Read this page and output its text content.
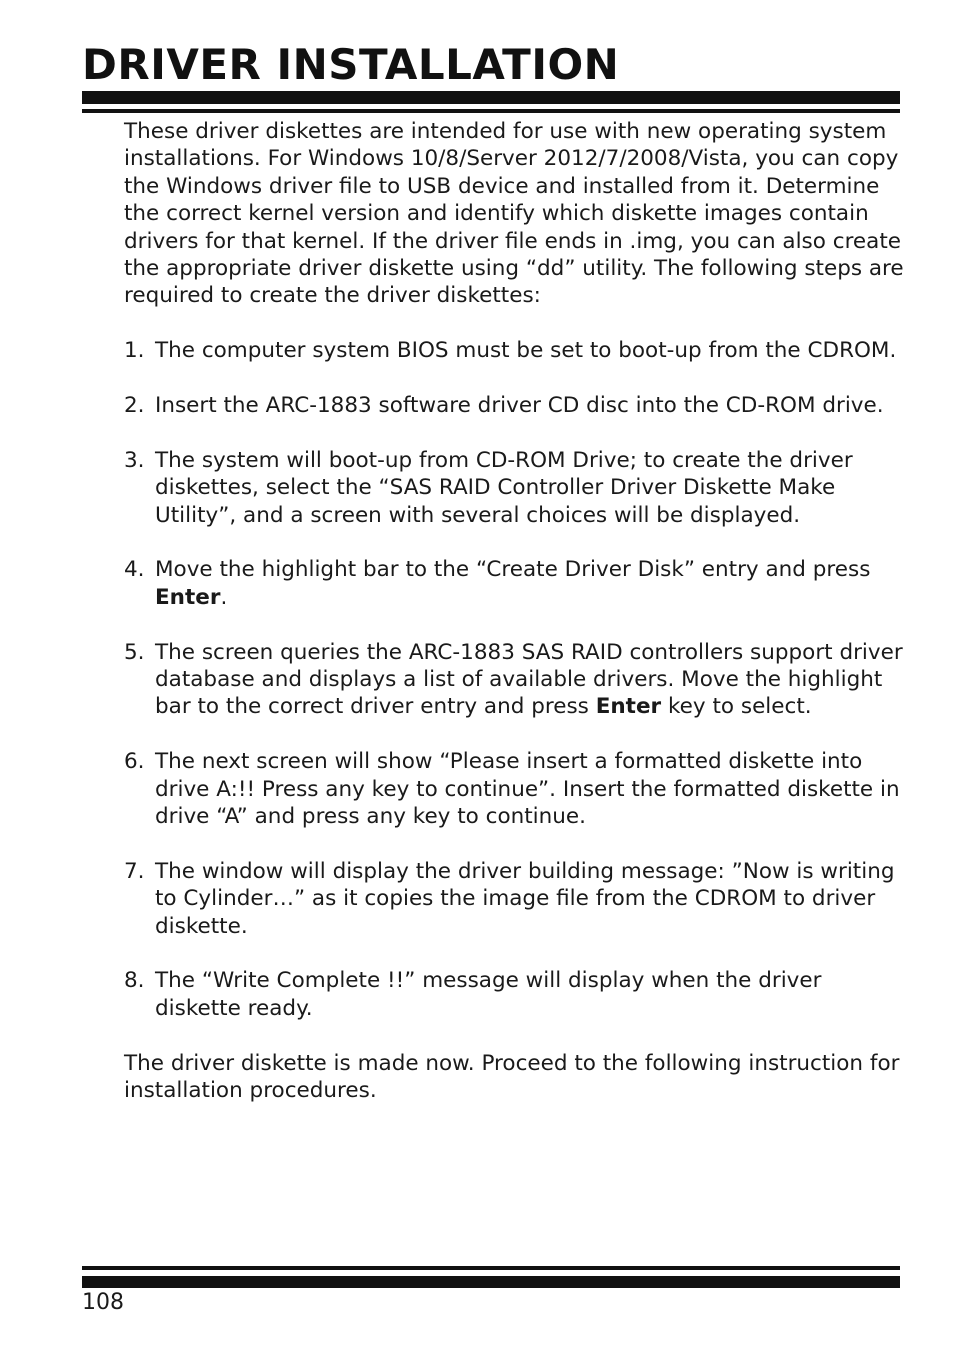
DRIVER INSTALLATION

These driver diskettes are intended for use with new operating system installations. For Windows 10/8/Server 2012/7/2008/Vista, you can copy the Windows driver file to USB device and installed from it. Determine the correct kernel version and identify which diskette images contain drivers for that kernel. If the driver file ends in .img, you can also create the appropriate driver diskette using “dd” utility. The following steps are required to create the driver diskettes:

1. The computer system BIOS must be set to boot-up from the CDROM.
2. Insert the ARC-1883 software driver CD disc into the CD-ROM drive.
3. The system will boot-up from CD-ROM Drive; to create the driver diskettes, select the “SAS RAID Controller Driver Diskette Make Utility”, and a screen with several choices will be displayed.
4. Move the highlight bar to the “Create Driver Disk” entry and press Enter.
5. The screen queries the ARC-1883 SAS RAID controllers support driver database and displays a list of available drivers. Move the highlight bar to the correct driver entry and press Enter key to select.
6. The next screen will show “Please insert a formatted diskette into drive A:!! Press any key to continue”. Insert the formatted diskette in drive “A” and press any key to continue.
7. The window will display the driver building message: ”Now is writing to Cylinder…” as it copies the image file from the CDROM to driver diskette.
8. The “Write Complete !!” message will display when the driver diskette ready.

The driver diskette is made now. Proceed to the following instruction for installation procedures.

108
